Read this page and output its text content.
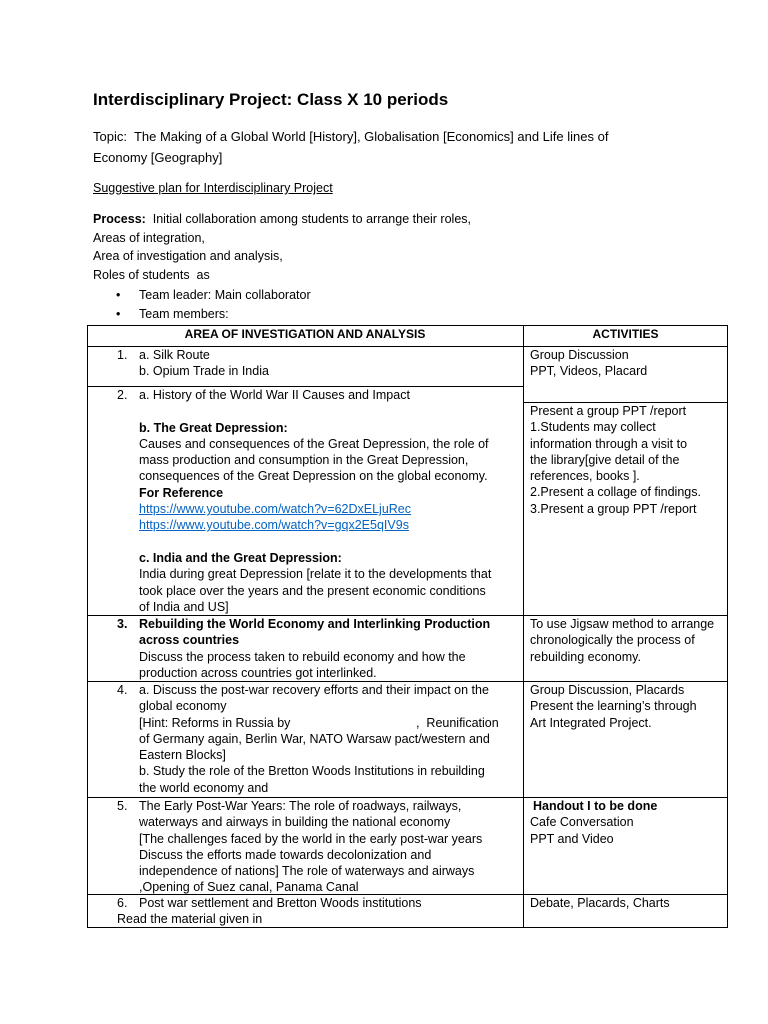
Interdisciplinary Project: Class X 10 periods
Topic:  The Making of a Global World [History], Globalisation [Economics] and Life lines of
Economy [Geography]
Suggestive plan for Interdisciplinary Project
Process:  Initial collaboration among students to arrange their roles,
Areas of integration,
Area of investigation and analysis,
Roles of students  as
• Team leader: Main collaborator
• Team members:
AREA OF INVESTIGATION AND ANALYSIS	ACTIVITIES
1. a. Silk Route
b. Opium Trade in India
Group Discussion
PPT, Videos, Placard
2. a. History of the World War II Causes and Impact
b. The Great Depression:
Causes and consequences of the Great Depression, the role of
mass production and consumption in the Great Depression,
consequences of the Great Depression on the global economy.
For Reference
https://www.youtube.com/watch?v=62DxELjuRec
https://www.youtube.com/watch?v=gqx2E5qIV9s
c. India and the Great Depression:
India during great Depression [relate it to the developments that
took place over the years and the present economic conditions
of India and US]
Present a group PPT /report
1.Students may collect
information through a visit to
the library[give detail of the
references, books ].
2.Present a collage of findings.
3.Present a group PPT /report
3. Rebuilding the World Economy and Interlinking Production
across countries
Discuss the process taken to rebuild economy and how the
production across countries got interlinked.
To use Jigsaw method to arrange
chronologically the process of
rebuilding economy.
4. a. Discuss the post-war recovery efforts and their impact on the
global economy
[Hint: Reforms in Russia by	,  Reunification
of Germany again, Berlin War, NATO Warsaw pact/western and
Eastern Blocks]
b. Study the role of the Bretton Woods Institutions in rebuilding
the world economy and
Group Discussion, Placards
Present the learning’s through
Art Integrated Project.
5. The Early Post-War Years: The role of roadways, railways,
waterways and airways in building the national economy
[The challenges faced by the world in the early post-war years
Discuss the efforts made towards decolonization and
independence of nations] The role of waterways and airways
,Opening of Suez canal, Panama Canal
Handout I to be done
Cafe Conversation
PPT and Video
6. Post war settlement and Bretton Woods institutions
Read the material given in
Debate, Placards, Charts
